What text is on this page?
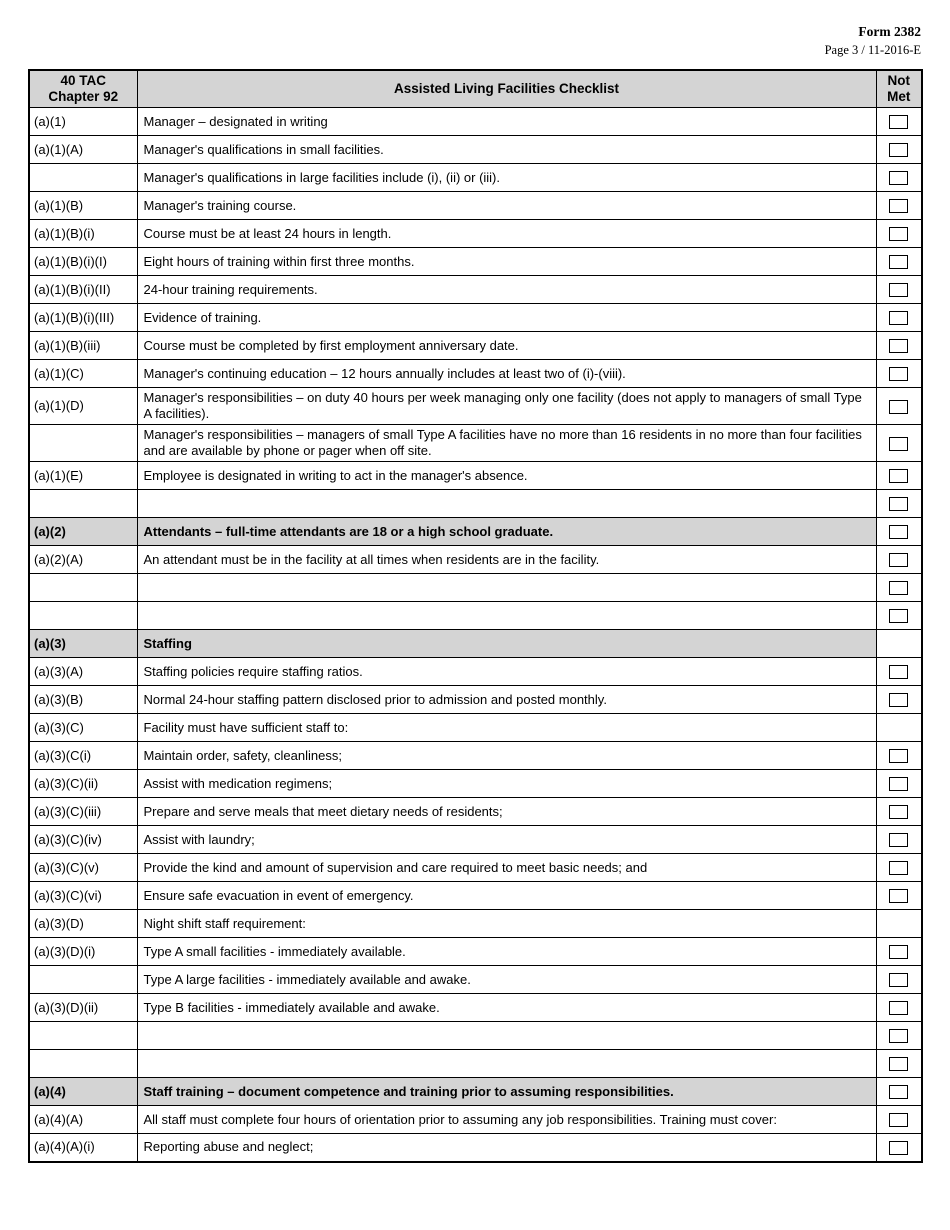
Form 2382
Page 3 / 11-2016-E
40 TAC
Chapter 92	Assisted Living Facilities Checklist	Not
Met
(a)(1)	Manager – designated in writing	
(a)(1)(A)	Manager's qualifications in small facilities.	
	Manager's qualifications in large facilities include (i), (ii) or (iii).	
(a)(1)(B)	Manager's training course.	
(a)(1)(B)(i)	Course must be at least 24 hours in length.	
(a)(1)(B)(i)(I)	Eight hours of training within first three months.	
(a)(1)(B)(i)(II)	24-hour training requirements.	
(a)(1)(B)(i)(III)	Evidence of training.	
(a)(1)(B)(iii)	Course must be completed by first employment anniversary date.	
(a)(1)(C)	Manager's continuing education – 12 hours annually includes at least two of (i)-(viii).	
(a)(1)(D)	Manager's responsibilities – on duty 40 hours per week managing only one facility (does not apply to managers of small Type A facilities).	
	Manager's responsibilities – managers of small Type A facilities have no more than 16 residents in no more than four facilities and are available by phone or pager when off site.	
(a)(1)(E)	Employee is designated in writing to act in the manager's absence.	

(a)(2)	Attendants – full-time attendants are 18 or a high school graduate.	
(a)(2)(A)	An attendant must be in the facility at all times when residents are in the facility.	

(a)(3)	Staffing	
(a)(3)(A)	Staffing policies require staffing ratios.	
(a)(3)(B)	Normal 24-hour staffing pattern disclosed prior to admission and posted monthly.	
(a)(3)(C)	Facility must have sufficient staff to:	
(a)(3)(C(i)	Maintain order, safety, cleanliness;	
(a)(3)(C)(ii)	Assist with medication regimens;	
(a)(3)(C)(iii)	Prepare and serve meals that meet dietary needs of residents;	
(a)(3)(C)(iv)	Assist with laundry;	
(a)(3)(C)(v)	Provide the kind and amount of supervision and care required to meet basic needs; and	
(a)(3)(C)(vi)	Ensure safe evacuation in event of emergency.	
(a)(3)(D)	Night shift staff requirement:	
(a)(3)(D)(i)	Type A small facilities - immediately available.	
	Type A large facilities - immediately available and awake.	
(a)(3)(D)(ii)	Type B facilities - immediately available and awake.	

(a)(4)	Staff training – document competence and training prior to assuming responsibilities.	
(a)(4)(A)	All staff must complete four hours of orientation prior to assuming any job responsibilities. Training must cover:	
(a)(4)(A)(i)	Reporting abuse and neglect;	
